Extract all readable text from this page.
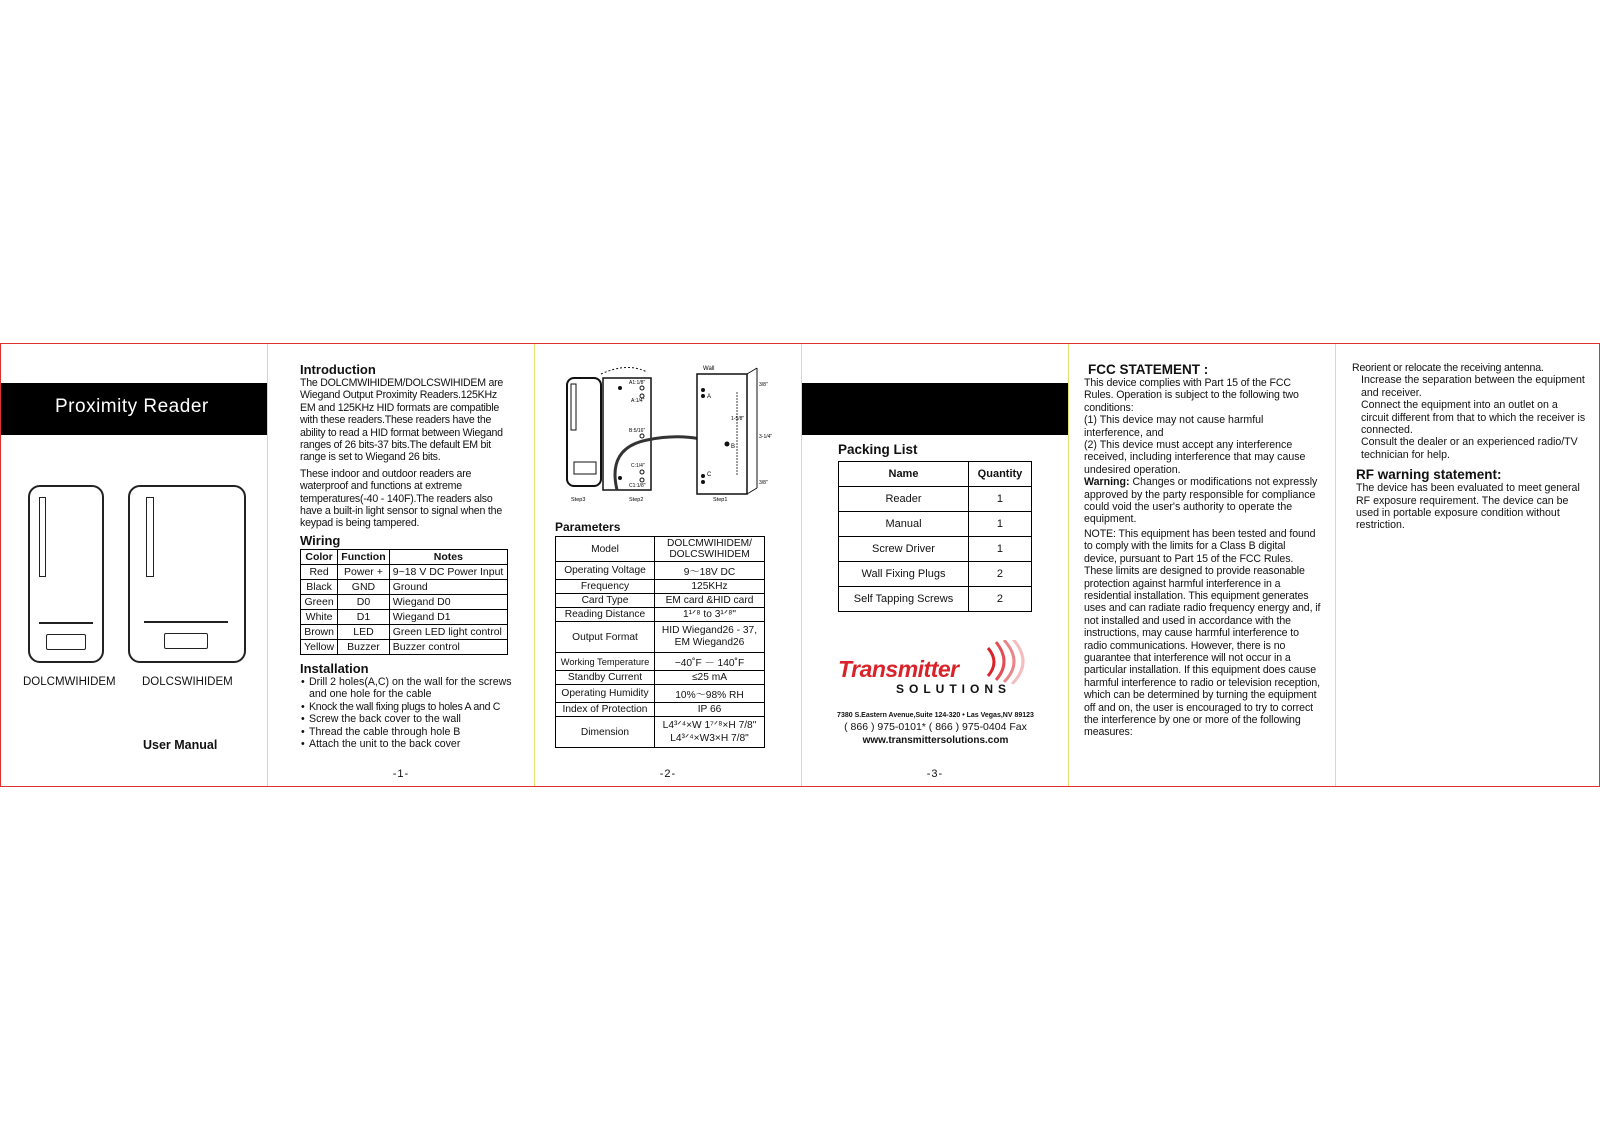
Proximity Reader
DOLCMWIHIDEM DOLCSWIHIDEM
User Manual
Introduction

The DOLCMWIHIDEM/DOLCSWIHIDEM are Wiegand Output Proximity Readers.125KHz EM and 125KHz HID formats are compatible with these readers.These readers have the ability to read a HID format between Wiegand ranges of 26 bits-37 bits.The default EM bit range is set to Wiegand 26 bits.

These indoor and outdoor readers are waterproof and functions at extreme temperatures(-40 - 140F).The readers also have a built-in light sensor to signal when the keypad is being tampered.

Wiring
Color	Function	Notes
Red	Power +	9~18 V DC Power Input
Black	GND	Ground
Green	D0	Wiegand D0
White	D1	Wiegand D1
Brown	LED	Green LED light control
Yellow	Buzzer	Buzzer control
Installation
• Drill 2 holes(A,C) on the wall for the screws and one hole for the cable
• Knock the wall fixing plugs to holes A and C
• Screw the back cover to the wall
• Thread the cable through hole B
• Attach the unit to the back cover
-1-
A1:1/8"
A:1/4"
B:5/16"
C:1/4"
C1:1/8"
Wall
A
B
C
3/8"
1-5/8"
3-1/4"
3/8"
Step3	Step2	Step1
Parameters
Model	DOLCMWIHIDEM/
DOLCSWIHIDEM
Operating Voltage	9～18V DC
Frequency	125KHz
Card Type	EM card &HID card
Reading Distance	1¹ᐟ⁸ to 3¹ᐟ⁸"
Output Format	HID Wiegand26 - 37,
EM Wiegand26
Working Temperature	−40˚F － 140˚F
Standby Current	≤25 mA
Operating Humidity	10%～98% RH
Index of Protection	IP 66
Dimension	L4³ᐟ⁴×W 1⁷ᐟ⁸×H 7/8"
L4³ᐟ⁴×W3×H 7/8"
-2-
Packing List
Name	Quantity
Reader	1
Manual	1
Screw Driver	1
Wall Fixing Plugs	2
Self Tapping Screws	2
Transmitter
SOLUTIONS
7380 S.Eastern Avenue,Suite 124-320 • Las Vegas,NV 89123
( 866 ) 975-0101* ( 866 ) 975-0404 Fax
www.transmittersolutions.com
-3-
FCC STATEMENT :

This device complies with Part 15 of the FCC Rules. Operation is subject to the following two conditions:

(1) This device may not cause harmful interference, and

(2) This device must accept any interference received, including interference that may cause undesired operation.

Warning: Changes or modifications not expressly approved by the party responsible for compliance could void the user's authority to operate the equipment.

NOTE: This equipment has been tested and found to comply with the limits for a Class B digital device, pursuant to Part 15 of the FCC Rules. These limits are designed to provide reasonable protection against harmful interference in a residential installation. This equipment generates uses and can radiate radio frequency energy and, if not installed and used in accordance with the instructions, may cause harmful interference to radio communications. However, there is no guarantee that interference will not occur in a particular installation. If this equipment does cause harmful interference to radio or television reception, which can be determined by turning the equipment off and on, the user is encouraged to try to correct the interference by one or more of the following measures:

Reorient or relocate the receiving antenna.

Increase the separation between the equipment and receiver.

Connect the equipment into an outlet on a circuit different from that to which the receiver is connected.

Consult the dealer or an experienced radio/TV technician for help.

RF warning statement:

The device has been evaluated to meet general RF exposure requirement. The device can be used in portable exposure condition without restriction.
